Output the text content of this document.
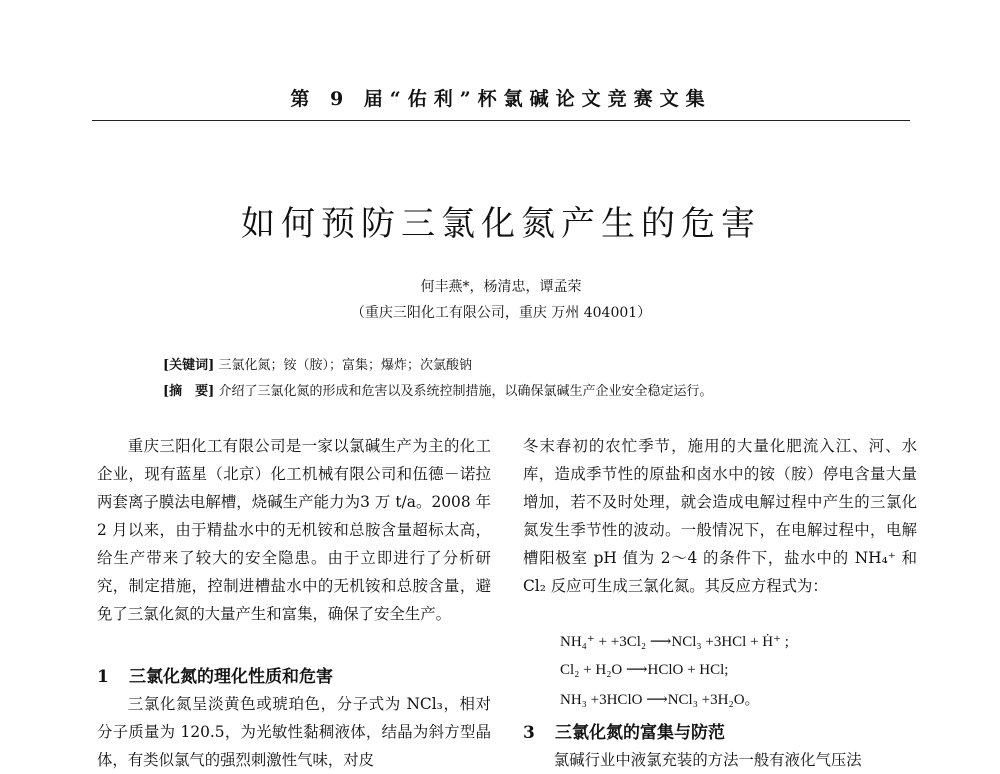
第 9 届“佑利”杯氯碱论文竞赛文集
如何预防三氯化氮产生的危害
何丰燕*，杨清忠，谭孟荣
（重庆三阳化工有限公司，重庆 万州 404001）
[关键词] 三氯化氮；铵（胺）；富集；爆炸；次氯酸钠
[摘　要] 介绍了三氯化氮的形成和危害以及系统控制措施，以确保氯碱生产企业安全稳定运行。

重庆三阳化工有限公司是一家以氯碱生产为主的化工企业，现有蓝星（北京）化工机械有限公司和伍德－诺拉两套离子膜法电解槽，烧碱生产能力为3 万 t/a。2008 年 2 月以来，由于精盐水中的无机铵和总胺含量超标太高，给生产带来了较大的安全隐患。由于立即进行了分析研究，制定措施，控制进槽盐水中的无机铵和总胺含量，避免了三氯化氮的大量产生和富集，确保了安全生产。

1 三氯化氮的理化性质和危害

三氯化氮呈淡黄色或琥珀色，分子式为 NCl₃，相对分子质量为 120.5，为光敏性黏稠液体，结晶为斜方型晶体，有类似氯气的强烈刺激性气味，对皮

冬末春初的农忙季节，施用的大量化肥流入江、河、水库，造成季节性的原盐和卤水中的铵（胺）停电含量大量增加，若不及时处理，就会造成电解过程中产生的三氯化氮发生季节性的波动。一般情况下，在电解过程中，电解槽阳极室 pH 值为 2～4 的条件下，盐水中的 NH₄⁺ 和 Cl₂ 反应可生成三氯化氮。其反应方程式为：

NH₄⁺ + +3Cl₂ ⟶NCl₃ +3HCl + Ḣ⁺ ;
Cl₂ + H₂O ⟶HClO + HCl;
NH₃ +3HClO ⟶NCl₃ +3H₂O。
3 三氯化氮的富集与防范

氯碱行业中液氯充装的方法一般有液化气压法
